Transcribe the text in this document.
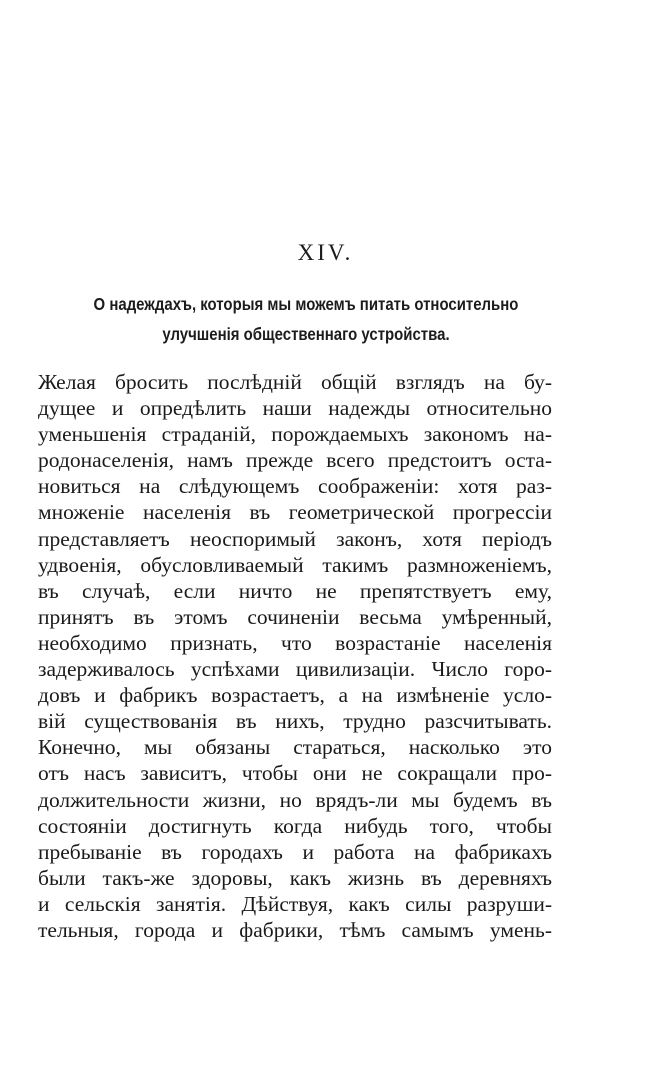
XIV.
О надеждахъ, которыя мы можемъ питать относительно
улучшенія общественнаго устройства.
Желая бросить послѣдній общій взглядъ на бу-
дущее и опредѣлить наши надежды относительно
уменьшенія страданій, порождаемыхъ закономъ на-
родонаселенія, намъ прежде всего предстоитъ оста-
новиться на слѣдующемъ соображеніи: хотя раз-
множеніе населенія въ геометрической прогрессіи
представляетъ неоспоримый законъ, хотя періодъ
удвоенія, обусловливаемый такимъ размноженіемъ,
въ случаѣ, если ничто не препятствуетъ ему,
принятъ въ этомъ сочиненіи весьма умѣренный,
необходимо признать, что возрастаніе населенія
задерживалось успѣхами цивилизаціи. Число горо-
довъ и фабрикъ возрастаетъ, а на измѣненіе усло-
вій существованія въ нихъ, трудно разсчитывать.
Конечно, мы обязаны стараться, насколько это
отъ насъ зависитъ, чтобы они не сокращали про-
должительности жизни, но врядъ-ли мы будемъ въ
состояніи достигнуть когда нибудь того, чтобы
пребываніе въ городахъ и работа на фабрикахъ
были такъ-же здоровы, какъ жизнь въ деревняхъ
и сельскія занятія. Дѣйствуя, какъ силы разруши-
тельныя, города и фабрики, тѣмъ самымъ умень-
